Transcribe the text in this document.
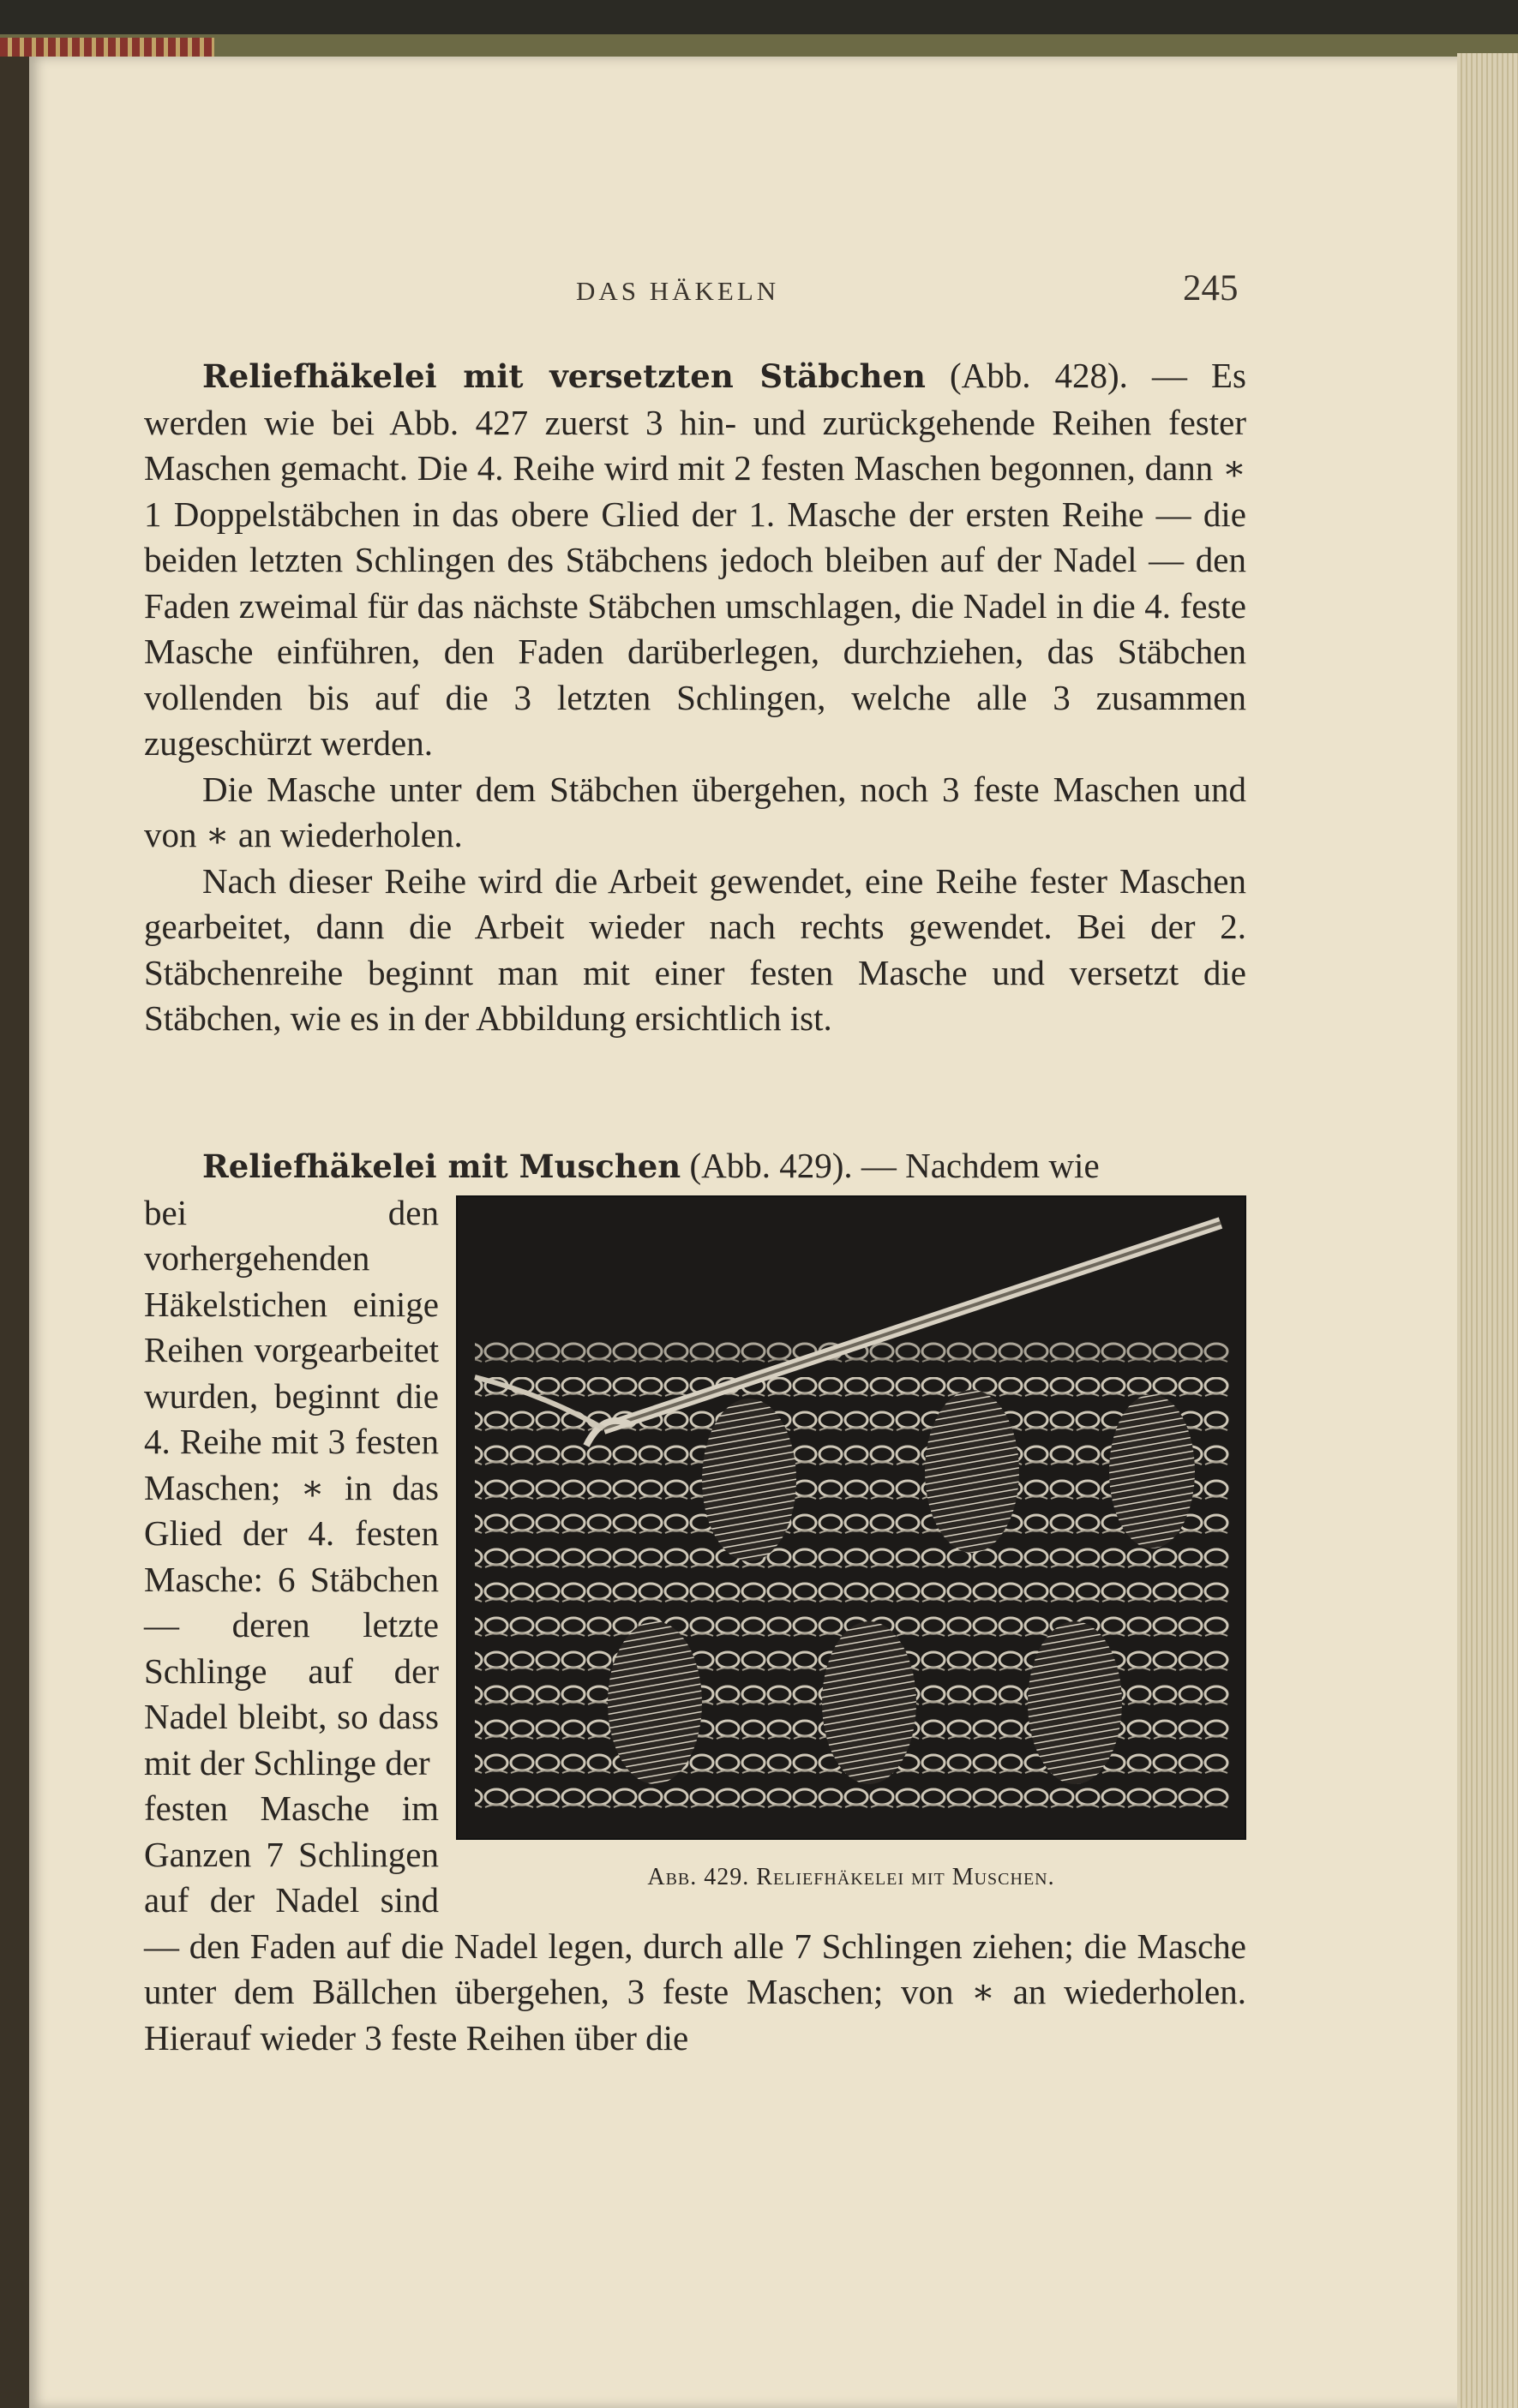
DAS HÄKELN	245

Reliefhäkelei mit versetzten Stäbchen (Abb. 428). — Es werden wie bei Abb. 427 zuerst 3 hin- und zurückgehende Reihen fester Maschen gemacht. Die 4. Reihe wird mit 2 festen Maschen begonnen, dann ∗ 1 Doppelstäbchen in das obere Glied der 1. Masche der ersten Reihe — die beiden letzten Schlingen des Stäbchens jedoch bleiben auf der Nadel — den Faden zweimal für das nächste Stäbchen umschlagen, die Nadel in die 4. feste Masche einführen, den Faden darüberlegen, durchziehen, das Stäbchen vollenden bis auf die 3 letzten Schlingen, welche alle 3 zusammen zugeschürzt werden.

Die Masche unter dem Stäbchen übergehen, noch 3 feste Maschen und von ∗ an wiederholen.

Nach dieser Reihe wird die Arbeit gewendet, eine Reihe fester Maschen gearbeitet, dann die Arbeit wieder nach rechts gewendet. Bei der 2. Stäbchenreihe beginnt man mit einer festen Masche und versetzt die Stäbchen, wie es in der Abbildung ersichtlich ist.

Reliefhäkelei mit Muschen (Abb. 429). — Nachdem wie

Abb. 429. Reliefhäkelei mit Muschen.

bei den vorhergehenden Häkelstichen einige Reihen vorgearbeitet wurden, beginnt die 4. Reihe mit 3 festen Maschen; ∗ in das Glied der 4. festen Masche: 6 Stäbchen — deren letzte Schlinge auf der Nadel bleibt, so dass mit der Schlinge der

festen Masche im Ganzen 7 Schlingen auf der Nadel sind — den Faden auf die Nadel legen, durch alle 7 Schlingen ziehen; die Masche unter dem Bällchen übergehen, 3 feste Maschen; von ∗ an wiederholen. Hierauf wieder 3 feste Reihen über die
